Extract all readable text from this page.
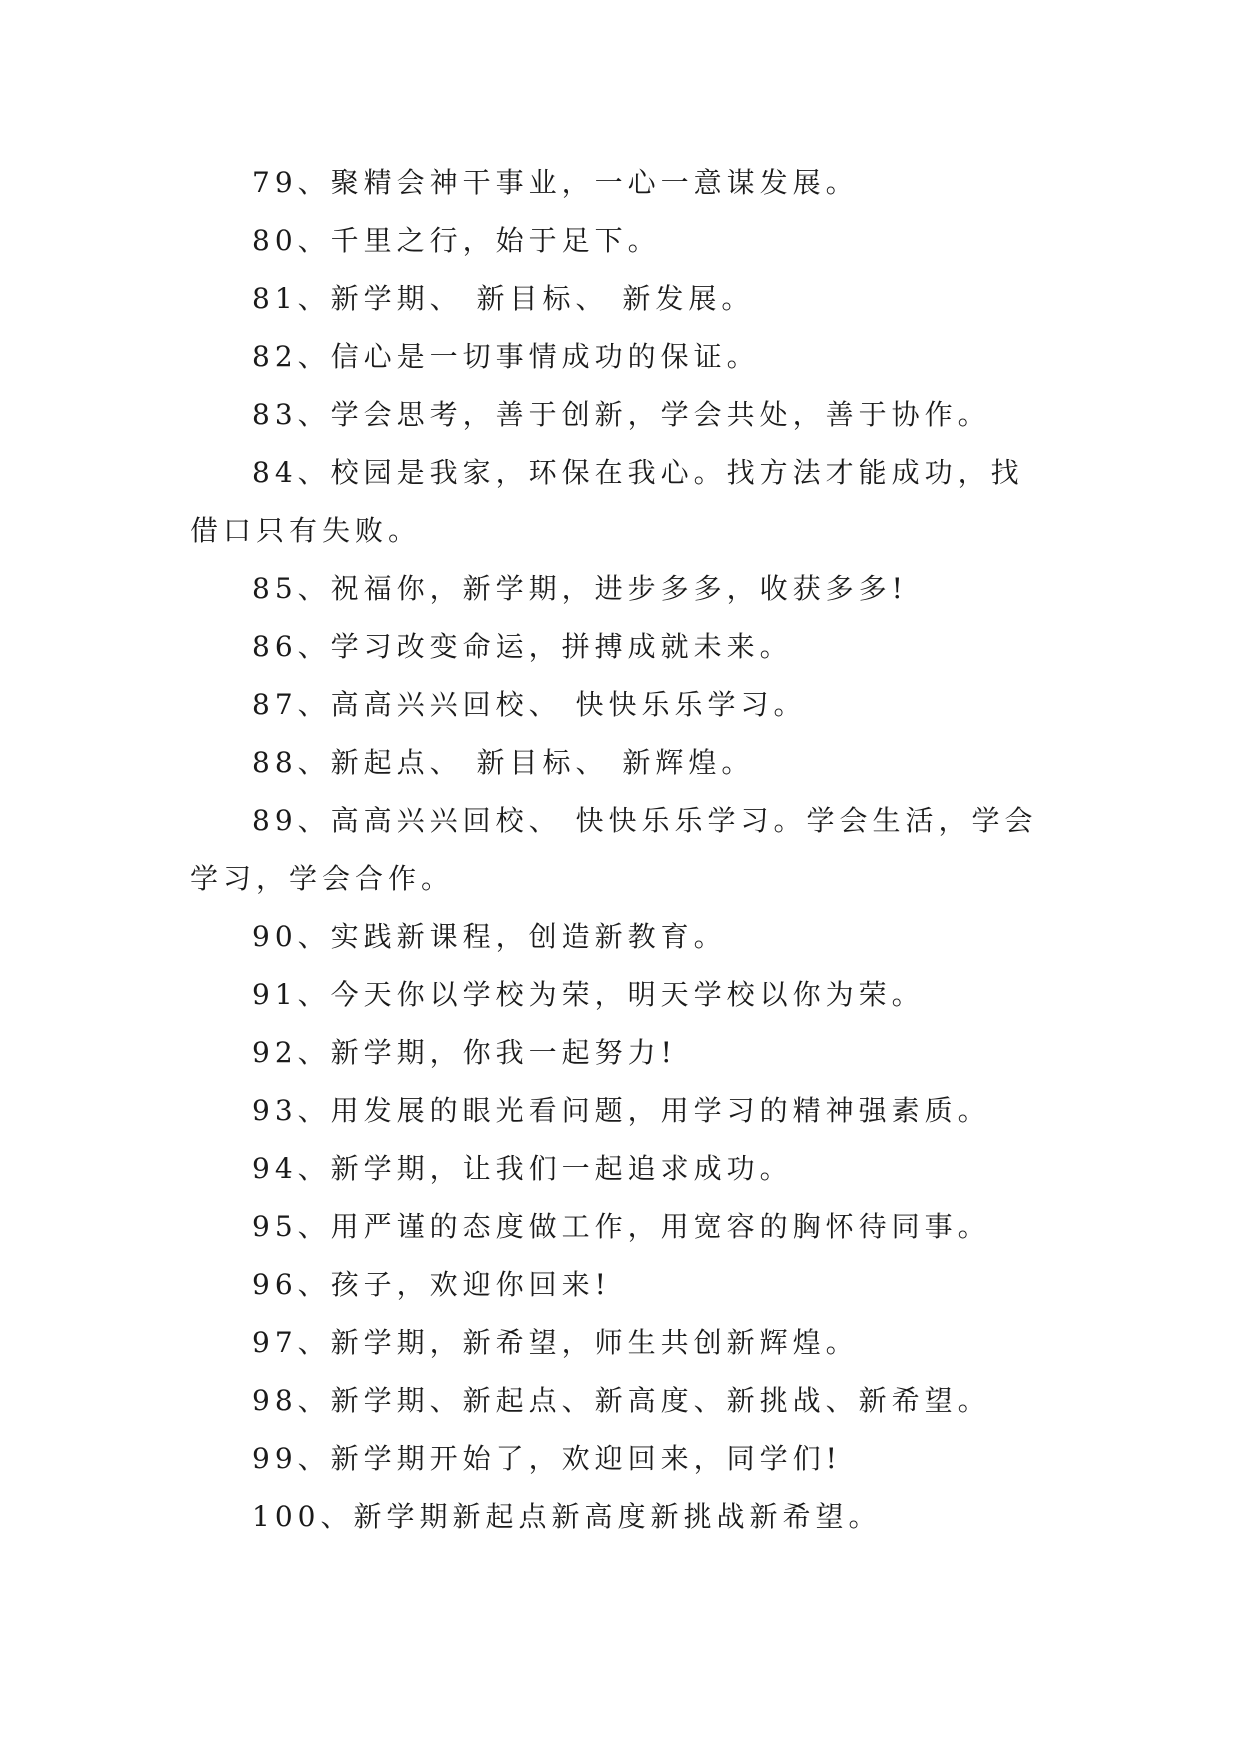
79、聚精会神干事业，一心一意谋发展。

80、千里之行，始于足下。

81、新学期、 新目标、 新发展。

82、信心是一切事情成功的保证。

83、学会思考，善于创新，学会共处，善于协作。

84、校园是我家，环保在我心。找方法才能成功，找借口只有失败。

85、祝福你，新学期，进步多多，收获多多!

86、学习改变命运，拼搏成就未来。

87、高高兴兴回校、 快快乐乐学习。

88、新起点、 新目标、 新辉煌。

89、高高兴兴回校、 快快乐乐学习。学会生活，学会学习，学会合作。

90、实践新课程，创造新教育。

91、今天你以学校为荣，明天学校以你为荣。

92、新学期，你我一起努力!

93、用发展的眼光看问题，用学习的精神强素质。

94、新学期，让我们一起追求成功。

95、用严谨的态度做工作，用宽容的胸怀待同事。

96、孩子，欢迎你回来!

97、新学期，新希望，师生共创新辉煌。

98、新学期、新起点、新高度、新挑战、新希望。

99、新学期开始了，欢迎回来，同学们!

100、新学期新起点新高度新挑战新希望。
